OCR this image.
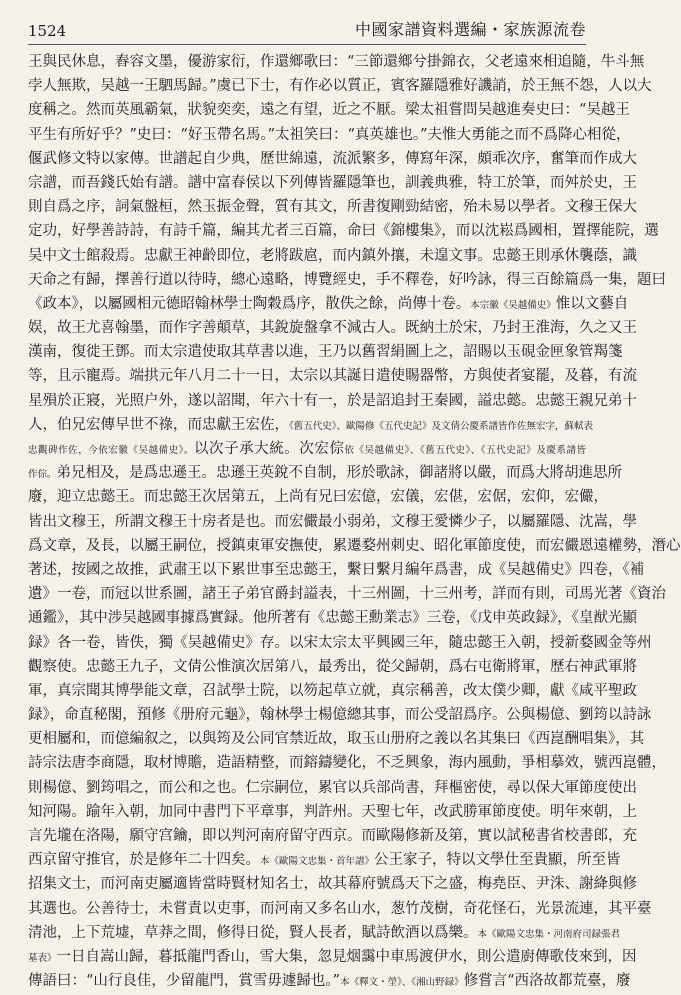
1524	中國家譜資料選編・家族源流卷
王與民休息，舂容文墨，優游家衍，作還鄉歌曰：“三節還鄉兮掛錦衣，父老遠來相追隨，牛斗無
孛人無欺，吴越一王駟馬歸。”虞已下士，有作必以質正，賓客羅隱雅好譏誚，於王無不怨，人以大
度稱之。然而英風霸氣，狀貌奕奕，遠之有望，近之不厭。梁太祖嘗問吴越進奏史曰：“吴越王
平生有所好乎？”史曰：“好玉帶名馬。”太祖笑曰：“真英雄也。”夫惟大勇能之而不爲降心相從，
偃武修文特以家傳。世譜起自少典，歷世綿遠，流派繁多，傳寫年深，頗乖次序，奮筆而作成大
宗譜，而吾錢氏始有譜。譜中富春侯以下列傳皆羅隱筆也，訓義典雅，特工於筆，而舛於史，王
則自爲之序，詞氣盤桓，然玉振金聲，質有其文，所書復剛勁結密，殆未易以學者。文穆王保大
定功，好學善詩詩，有詩千篇，編其尤者三百篇，命曰《錦樓集》，而以沈崧爲國相，置擇能院，選
吴中文士館殺焉。忠獻王神齡即位，老將跋扈，而内鎮外攘，未遑文事。忠懿王則承休襲蔭，識
天命之有歸，擇善行道以待時，總心遠略，博覽經史，手不釋卷，好吟詠，得三百餘篇爲一集，題曰
《政本》，以屬國相元德昭翰林學士陶穀爲序，散佚之餘，尚傳十卷。本宗徽《吴越備史》惟以文藝自
娱，故王尤喜翰墨，而作字善顛草，其銳旋盤拿不減古人。既納土於宋，乃封王淮海，久之又王
漢南，復徙王鄧。而太宗遣使取其草書以進，王乃以舊習絹圖上之，詔賜以玉硯金匣象管羯箋
等，且示寵焉。端拱元年八月二十一日，太宗以其誕日遣使賜器幣，方與使者宴罷，及暮，有流
星殞於正寢，光照户外，遂以詔聞，年六十有一，於是詔追封王秦國，謚忠懿。忠懿王親兄弟十
人，伯兄宏傳早世不祿，而忠獻王宏佐，《舊五代史》、歐陽修《五代史記》及文倩公慶系譜皆作佐無宏字，蘇軾表
忠觀碑作佐，今依宏徽《吴越備史》。以次子承大統。次宏倧依《吴越備史》、《舊五代史》、《五代史記》及慶系譜皆
作倧。弟兄相及，是爲忠遜王。忠遜王英銳不自制，形於歌詠，御諸將以嚴，而爲大將胡進思所
廢，迎立忠懿王。而忠懿王次居第五，上尚有兄曰宏億，宏儀，宏偡，宏倨，宏仰，宏儼，
皆出文穆王，所謂文穆王十房者是也。而宏儼最小弱弟，文穆王愛憐少子，以屬羅隱、沈嵩，學
爲文章，及長，以屬王嗣位，授鎮東軍安撫使，累遷婺州刺史、昭化軍節度使，而宏儼恩遠權勢，潛心
著述，按國之故推，武肅王以下累世事至忠懿王，繫日繫月編年爲書，成《吴越備史》四卷，《補
遺》一卷，而冠以世系圖，諸王子弟官爵封謚表，十三州圖，十三州考，詳而有則，司馬光著《資治
通鑑》，其中涉吴越國事據爲實録。他所著有《忠懿王勳業志》三卷，《戊申英政録》，《皇猷光顯
録》各一卷，皆佚，獨《吴越備史》存。以宋太宗太平興國三年，隨忠懿王入朝，授新婺國金等州
觀察使。忠懿王九子，文倩公惟演次居第八，最秀出，從父歸朝，爲右屯衛將軍，歷右神武軍將
軍，真宗聞其博學能文章，召試學士院，以笏起草立就，真宗稱善，改太僕少卿，獻《咸平聖政
録》，命直秘閣，預修《册府元龜》，翰林學士楊億總其事，而公受詔爲序。公與楊億、劉筠以詩詠
更相屬和，而億編叙之，以與筠及公同官禁近故，取玉山册府之義以名其集曰《西崑酬唱集》，其
詩宗法唐李商隱，取材博贍，造語精整，而鎔鑄變化，不乏興象，海内風動，爭相摹效，號西崑體，
則楊億、劉筠唱之，而公和之也。仁宗嗣位，累官以兵部尚書，拜樞密使，尋以保大軍節度使出
知河陽。踰年入朝，加同中書門下平章事，判許州。天聖七年，改武勝軍節度使。明年來朝，上
言先壠在洛陽，願守宫鑰，即以判河南府留守西京。而歐陽修新及第，實以試秘書省校書郎，充
西京留守推官，於是修年二十四矣。本《歐陽文忠集・首年譜》公王家子，特以文學仕至貴顯，所至皆
招集文士，而河南吏屬適皆當時賢材知名士，故其幕府號爲天下之盛，梅堯臣、尹洙、謝絳與修
其選也。公善待士，未嘗責以吏事，而河南又多名山水，葱竹茂樹，奇花怪石，光景流連，其平臺
清池，上下荒墟，草莽之間，修得日從，賢人長者，賦詩飲酒以爲樂。本《歐陽文忠集・河南府司録張君
墓表》一日自嵩山歸，暮抵龍門香山，雪大集，忽見烟靄中車馬渡伊水，則公遣廚傳歌伎來到，因
傳語曰：“山行良佳，少留龍門，賞雪毋遽歸也。”本《釋文・塋》、《湘山野録》修嘗言“西洛故都荒臺，廢
